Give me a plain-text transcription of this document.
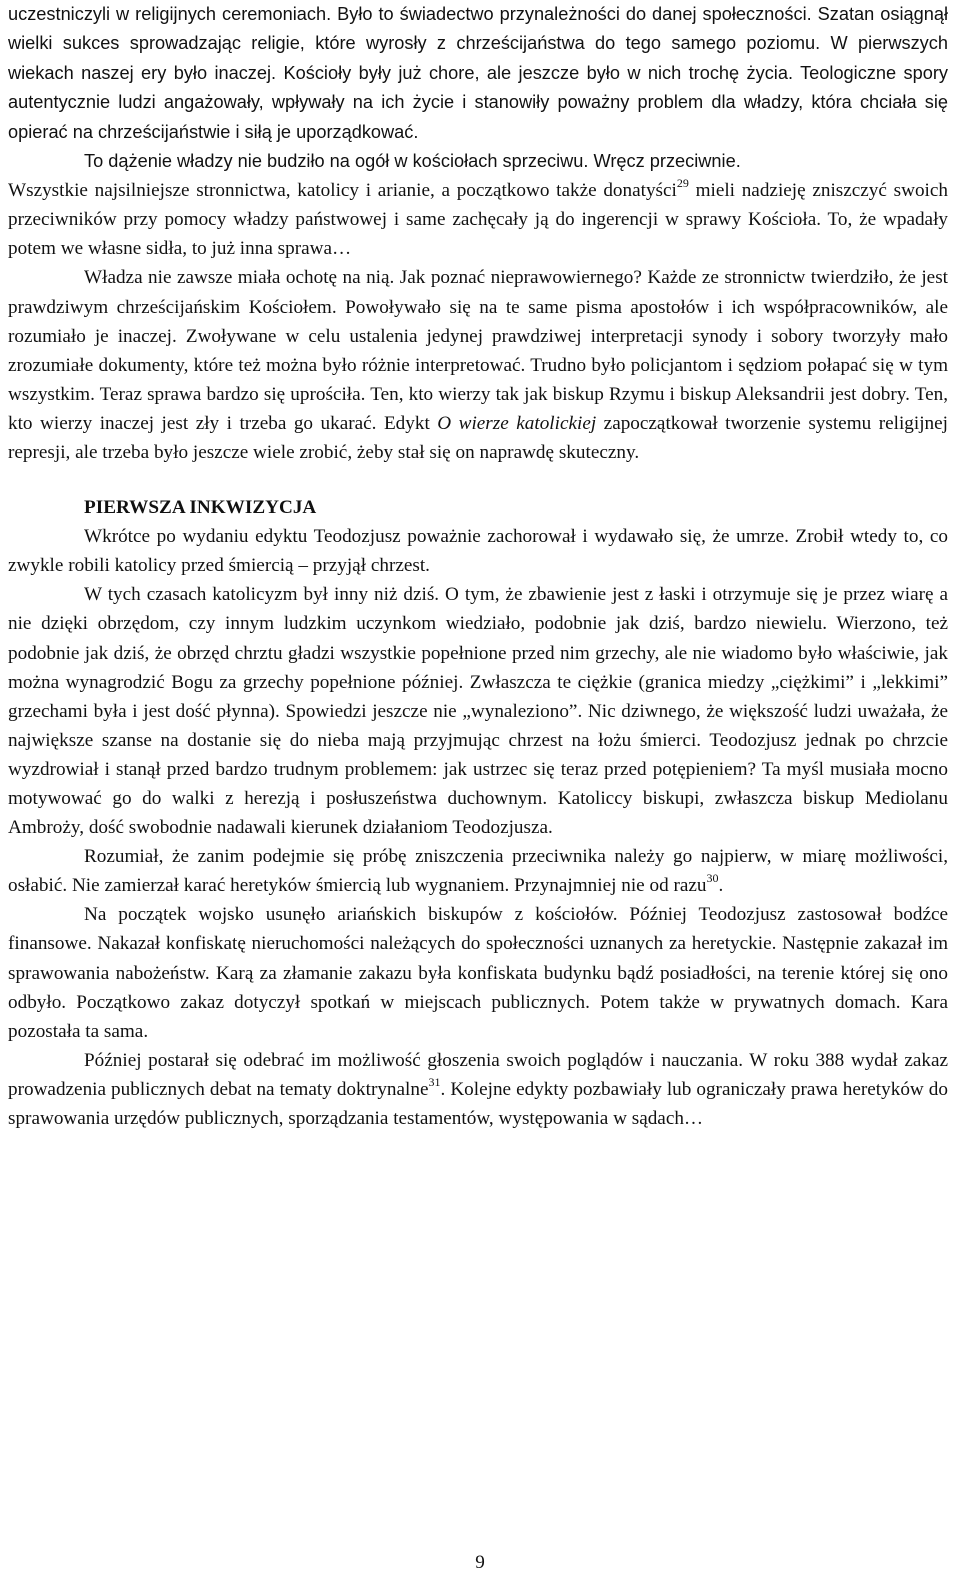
uczestniczyli w religijnych ceremoniach. Było to świadectwo przynależności do danej społeczności. Szatan osiągnął wielki sukces sprowadzając religie, które wyrosły z chrześcijaństwa do tego samego poziomu. W pierwszych wiekach naszej ery było inaczej. Kościoły były już chore, ale jeszcze było w nich trochę życia. Teologiczne spory autentycznie ludzi angażowały, wpływały na ich życie i stanowiły poważny problem dla władzy, która chciała się opierać na chrześcijaństwie i siłą je uporządkować.

To dążenie władzy nie budziło na ogół w kościołach sprzeciwu. Wręcz przeciwnie.

Wszystkie najsilniejsze stronnictwa, katolicy i arianie, a początkowo także donatyści$^{29}$ mieli nadzieję zniszczyć swoich przeciwników przy pomocy władzy państwowej i same zachęcały ją do ingerencji w sprawy Kościoła. To, że wpadały potem we własne sidła, to już inna sprawa…

Władza nie zawsze miała ochotę na nią. Jak poznać nieprawowiernego? Każde ze stronnictw twierdziło, że jest prawdziwym chrześcijańskim Kościołem. Powoływało się na te same pisma apostołów i ich współpracowników, ale rozumiało je inaczej. Zwoływane w celu ustalenia jedynej prawdziwej interpretacji synody i sobory tworzyły mało zrozumiałe dokumenty, które też można było różnie interpretować. Trudno było policjantom i sędziom połapać się w tym wszystkim. Teraz sprawa bardzo się uprościła. Ten, kto wierzy tak jak biskup Rzymu i biskup Aleksandrii jest dobry. Ten, kto wierzy inaczej jest zły i trzeba go ukarać. Edykt O wierze katolickiej zapoczątkował tworzenie systemu religijnej represji, ale trzeba było jeszcze wiele zrobić, żeby stał się on naprawdę skuteczny.

PIERWSZA INKWIZYCJA

Wkrótce po wydaniu edyktu Teodozjusz poważnie zachorował i wydawało się, że umrze. Zrobił wtedy to, co zwykle robili katolicy przed śmiercią – przyjął chrzest.

W tych czasach katolicyzm był inny niż dziś. O tym, że zbawienie jest z łaski i otrzymuje się je przez wiarę a nie dzięki obrzędom, czy innym ludzkim uczynkom wiedziało, podobnie jak dziś, bardzo niewielu. Wierzono, też podobnie jak dziś, że obrzęd chrztu gładzi wszystkie popełnione przed nim grzechy, ale nie wiadomo było właściwie, jak można wynagrodzić Bogu za grzechy popełnione później. Zwłaszcza te ciężkie (granica miedzy „ciężkimi” i „lekkimi” grzechami była i jest dość płynna). Spowiedzi jeszcze nie „wynaleziono”. Nic dziwnego, że większość ludzi uważała, że największe szanse na dostanie się do nieba mają przyjmując chrzest na łożu śmierci. Teodozjusz jednak po chrzcie wyzdrowiał i stanął przed bardzo trudnym problemem: jak ustrzec się teraz przed potępieniem? Ta myśl musiała mocno motywować go do walki z herezją i posłuszeństwa duchownym. Katoliccy biskupi, zwłaszcza biskup Mediolanu Ambroży, dość swobodnie nadawali kierunek działaniom Teodozjusza.

Rozumiał, że zanim podejmie się próbę zniszczenia przeciwnika należy go najpierw, w miarę możliwości, osłabić. Nie zamierzał karać heretyków śmiercią lub wygnaniem. Przynajmniej nie od razu$^{30}$.

Na początek wojsko usunęło ariańskich biskupów z kościołów. Później Teodozjusz zastosował bodźce finansowe. Nakazał konfiskatę nieruchomości należących do społeczności uznanych za heretyckie. Następnie zakazał im sprawowania nabożeństw. Karą za złamanie zakazu była konfiskata budynku bądź posiadłości, na terenie której się ono odbyło. Początkowo zakaz dotyczył spotkań w miejscach publicznych. Potem także w prywatnych domach. Kara pozostała ta sama.

Później postarał się odebrać im możliwość głoszenia swoich poglądów i nauczania. W roku 388 wydał zakaz prowadzenia publicznych debat na tematy doktrynalne$^{31}$. Kolejne edykty pozbawiały lub ograniczały prawa heretyków do sprawowania urzędów publicznych, sporządzania testamentów, występowania w sądach…

9
